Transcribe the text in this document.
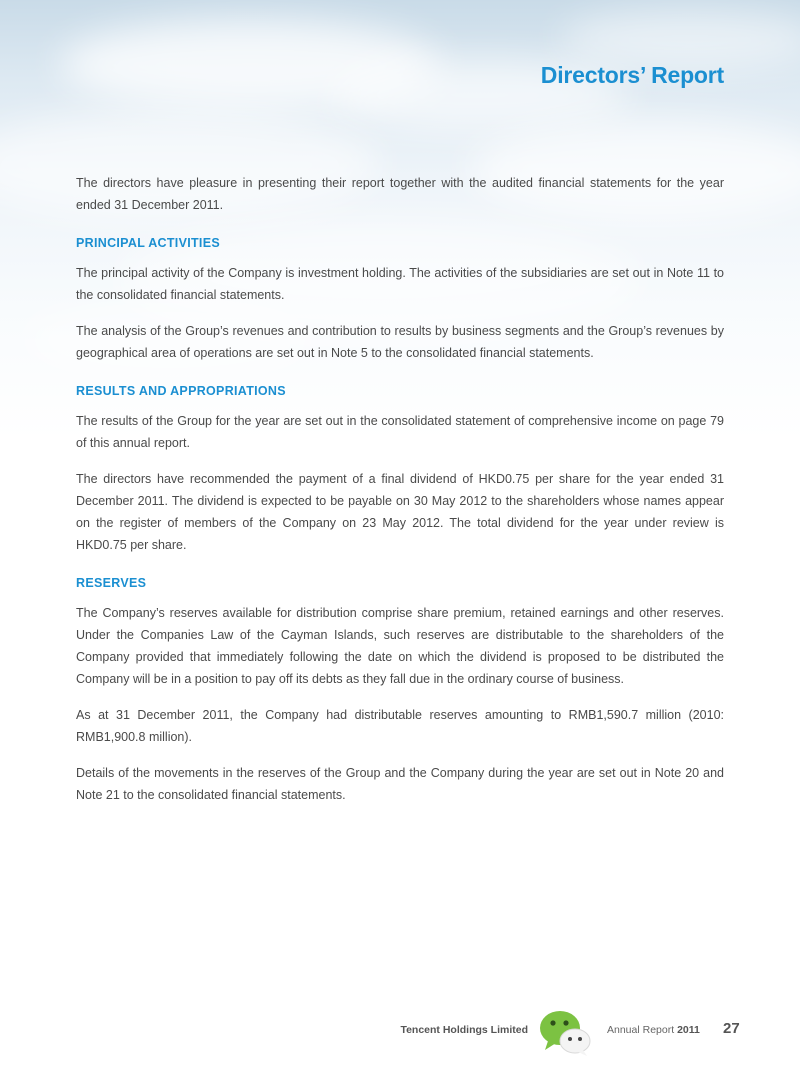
Directors’ Report

The directors have pleasure in presenting their report together with the audited financial statements for the year ended 31 December 2011.

PRINCIPAL ACTIVITIES

The principal activity of the Company is investment holding. The activities of the subsidiaries are set out in Note 11 to the consolidated financial statements.

The analysis of the Group’s revenues and contribution to results by business segments and the Group’s revenues by geographical area of operations are set out in Note 5 to the consolidated financial statements.

RESULTS AND APPROPRIATIONS

The results of the Group for the year are set out in the consolidated statement of comprehensive income on page 79 of this annual report.

The directors have recommended the payment of a final dividend of HKD0.75 per share for the year ended 31 December 2011. The dividend is expected to be payable on 30 May 2012 to the shareholders whose names appear on the register of members of the Company on 23 May 2012. The total dividend for the year under review is HKD0.75 per share.

RESERVES

The Company’s reserves available for distribution comprise share premium, retained earnings and other reserves. Under the Companies Law of the Cayman Islands, such reserves are distributable to the shareholders of the Company provided that immediately following the date on which the dividend is proposed to be distributed the Company will be in a position to pay off its debts as they fall due in the ordinary course of business.

As at 31 December 2011, the Company had distributable reserves amounting to RMB1,590.7 million (2010: RMB1,900.8 million).

Details of the movements in the reserves of the Group and the Company during the year are set out in Note 20 and Note 21 to the consolidated financial statements.

Tencent Holdings Limited	Annual Report 2011 27
